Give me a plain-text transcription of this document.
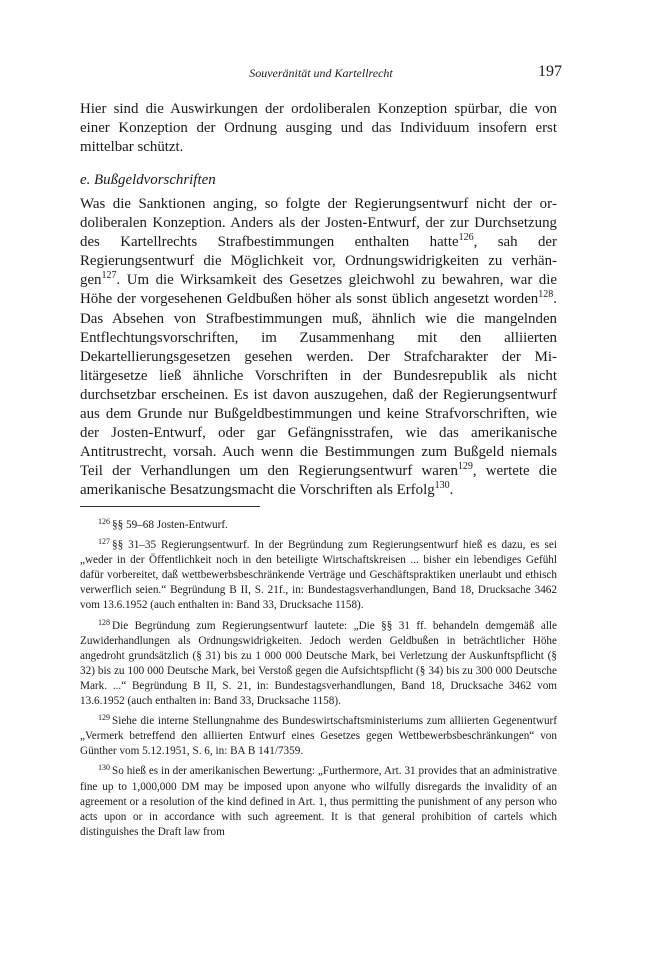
Souveränität und Kartellrecht	197

Hier sind die Auswirkungen der ordoliberalen Konzeption spürbar, die von einer Konzeption der Ordnung ausging und das Individuum insofern erst mittelbar schützt.

e. Bußgeldvorschriften

Was die Sanktionen anging, so folgte der Regierungsentwurf nicht der ordoliberalen Konzeption. Anders als der Josten-Entwurf, der zur Durchsetzung des Kartellrechts Strafbestimmungen enthalten hatte$^{126}$, sah der Regierungsentwurf die Möglichkeit vor, Ordnungswidrigkeiten zu verhängen$^{127}$. Um die Wirksamkeit des Gesetzes gleichwohl zu bewahren, war die Höhe der vorgesehenen Geldbußen höher als sonst üblich angesetzt worden$^{128}$. Das Absehen von Strafbestimmungen muß, ähnlich wie die mangelnden Entflechtungsvorschriften, im Zusammenhang mit den alliierten Dekartellierungsgesetzen gesehen werden. Der Strafcharakter der Militärgesetze ließ ähnliche Vorschriften in der Bundesrepublik als nicht durchsetzbar erscheinen. Es ist davon auszugehen, daß der Regierungsentwurf aus dem Grunde nur Bußgeldbestimmungen und keine Strafvorschriften, wie der Josten-Entwurf, oder gar Gefängnisstrafen, wie das amerikanische Antitrustrecht, vorsah. Auch wenn die Bestimmungen zum Bußgeld niemals Teil der Verhandlungen um den Regierungsentwurf waren$^{129}$, wertete die amerikanische Besatzungsmacht die Vorschriften als Erfolg$^{130}$.

$^{126}$ §§ 59–68 Josten-Entwurf.

$^{127}$ §§ 31–35 Regierungsentwurf. In der Begründung zum Regierungsentwurf hieß es dazu, es sei „weder in der Öffentlichkeit noch in den beteiligte Wirtschaftskreisen ... bisher ein lebendiges Gefühl dafür vorbereitet, daß wettbewerbsbeschränkende Verträge und Geschäftspraktiken unerlaubt und ethisch verwerflich seien.“ Begründung B II, S. 21f., in: Bundestagsverhandlungen, Band 18, Drucksache 3462 vom 13.6.1952 (auch enthalten in: Band 33, Drucksache 1158).

$^{128}$ Die Begründung zum Regierungsentwurf lautete: „Die §§ 31 ff. behandeln demgemäß alle Zuwiderhandlungen als Ordnungswidrigkeiten. Jedoch werden Geldbußen in beträchtlicher Höhe angedroht grundsätzlich (§ 31) bis zu 1 000 000 Deutsche Mark, bei Verletzung der Auskunftspflicht (§ 32) bis zu 100 000 Deutsche Mark, bei Verstoß gegen die Aufsichtspflicht (§ 34) bis zu 300 000 Deutsche Mark. ...“ Begründung B II, S. 21, in: Bundestagsverhandlungen, Band 18, Drucksache 3462 vom 13.6.1952 (auch enthalten in: Band 33, Drucksache 1158).

$^{129}$ Siehe die interne Stellungnahme des Bundeswirtschaftsministeriums zum alliierten Gegenentwurf „Vermerk betreffend den alliierten Entwurf eines Gesetzes gegen Wettbewerbsbeschränkungen“ von Günther vom 5.12.1951, S. 6, in: BA B 141/7359.

$^{130}$ So hieß es in der amerikanischen Bewertung: „Furthermore, Art. 31 provides that an administrative fine up to 1,000,000 DM may be imposed upon anyone who wilfully disregards the invalidity of an agreement or a resolution of the kind defined in Art. 1, thus permitting the punishment of any person who acts upon or in accordance with such agreement. It is that general prohibition of cartels which distinguishes the Draft law from
